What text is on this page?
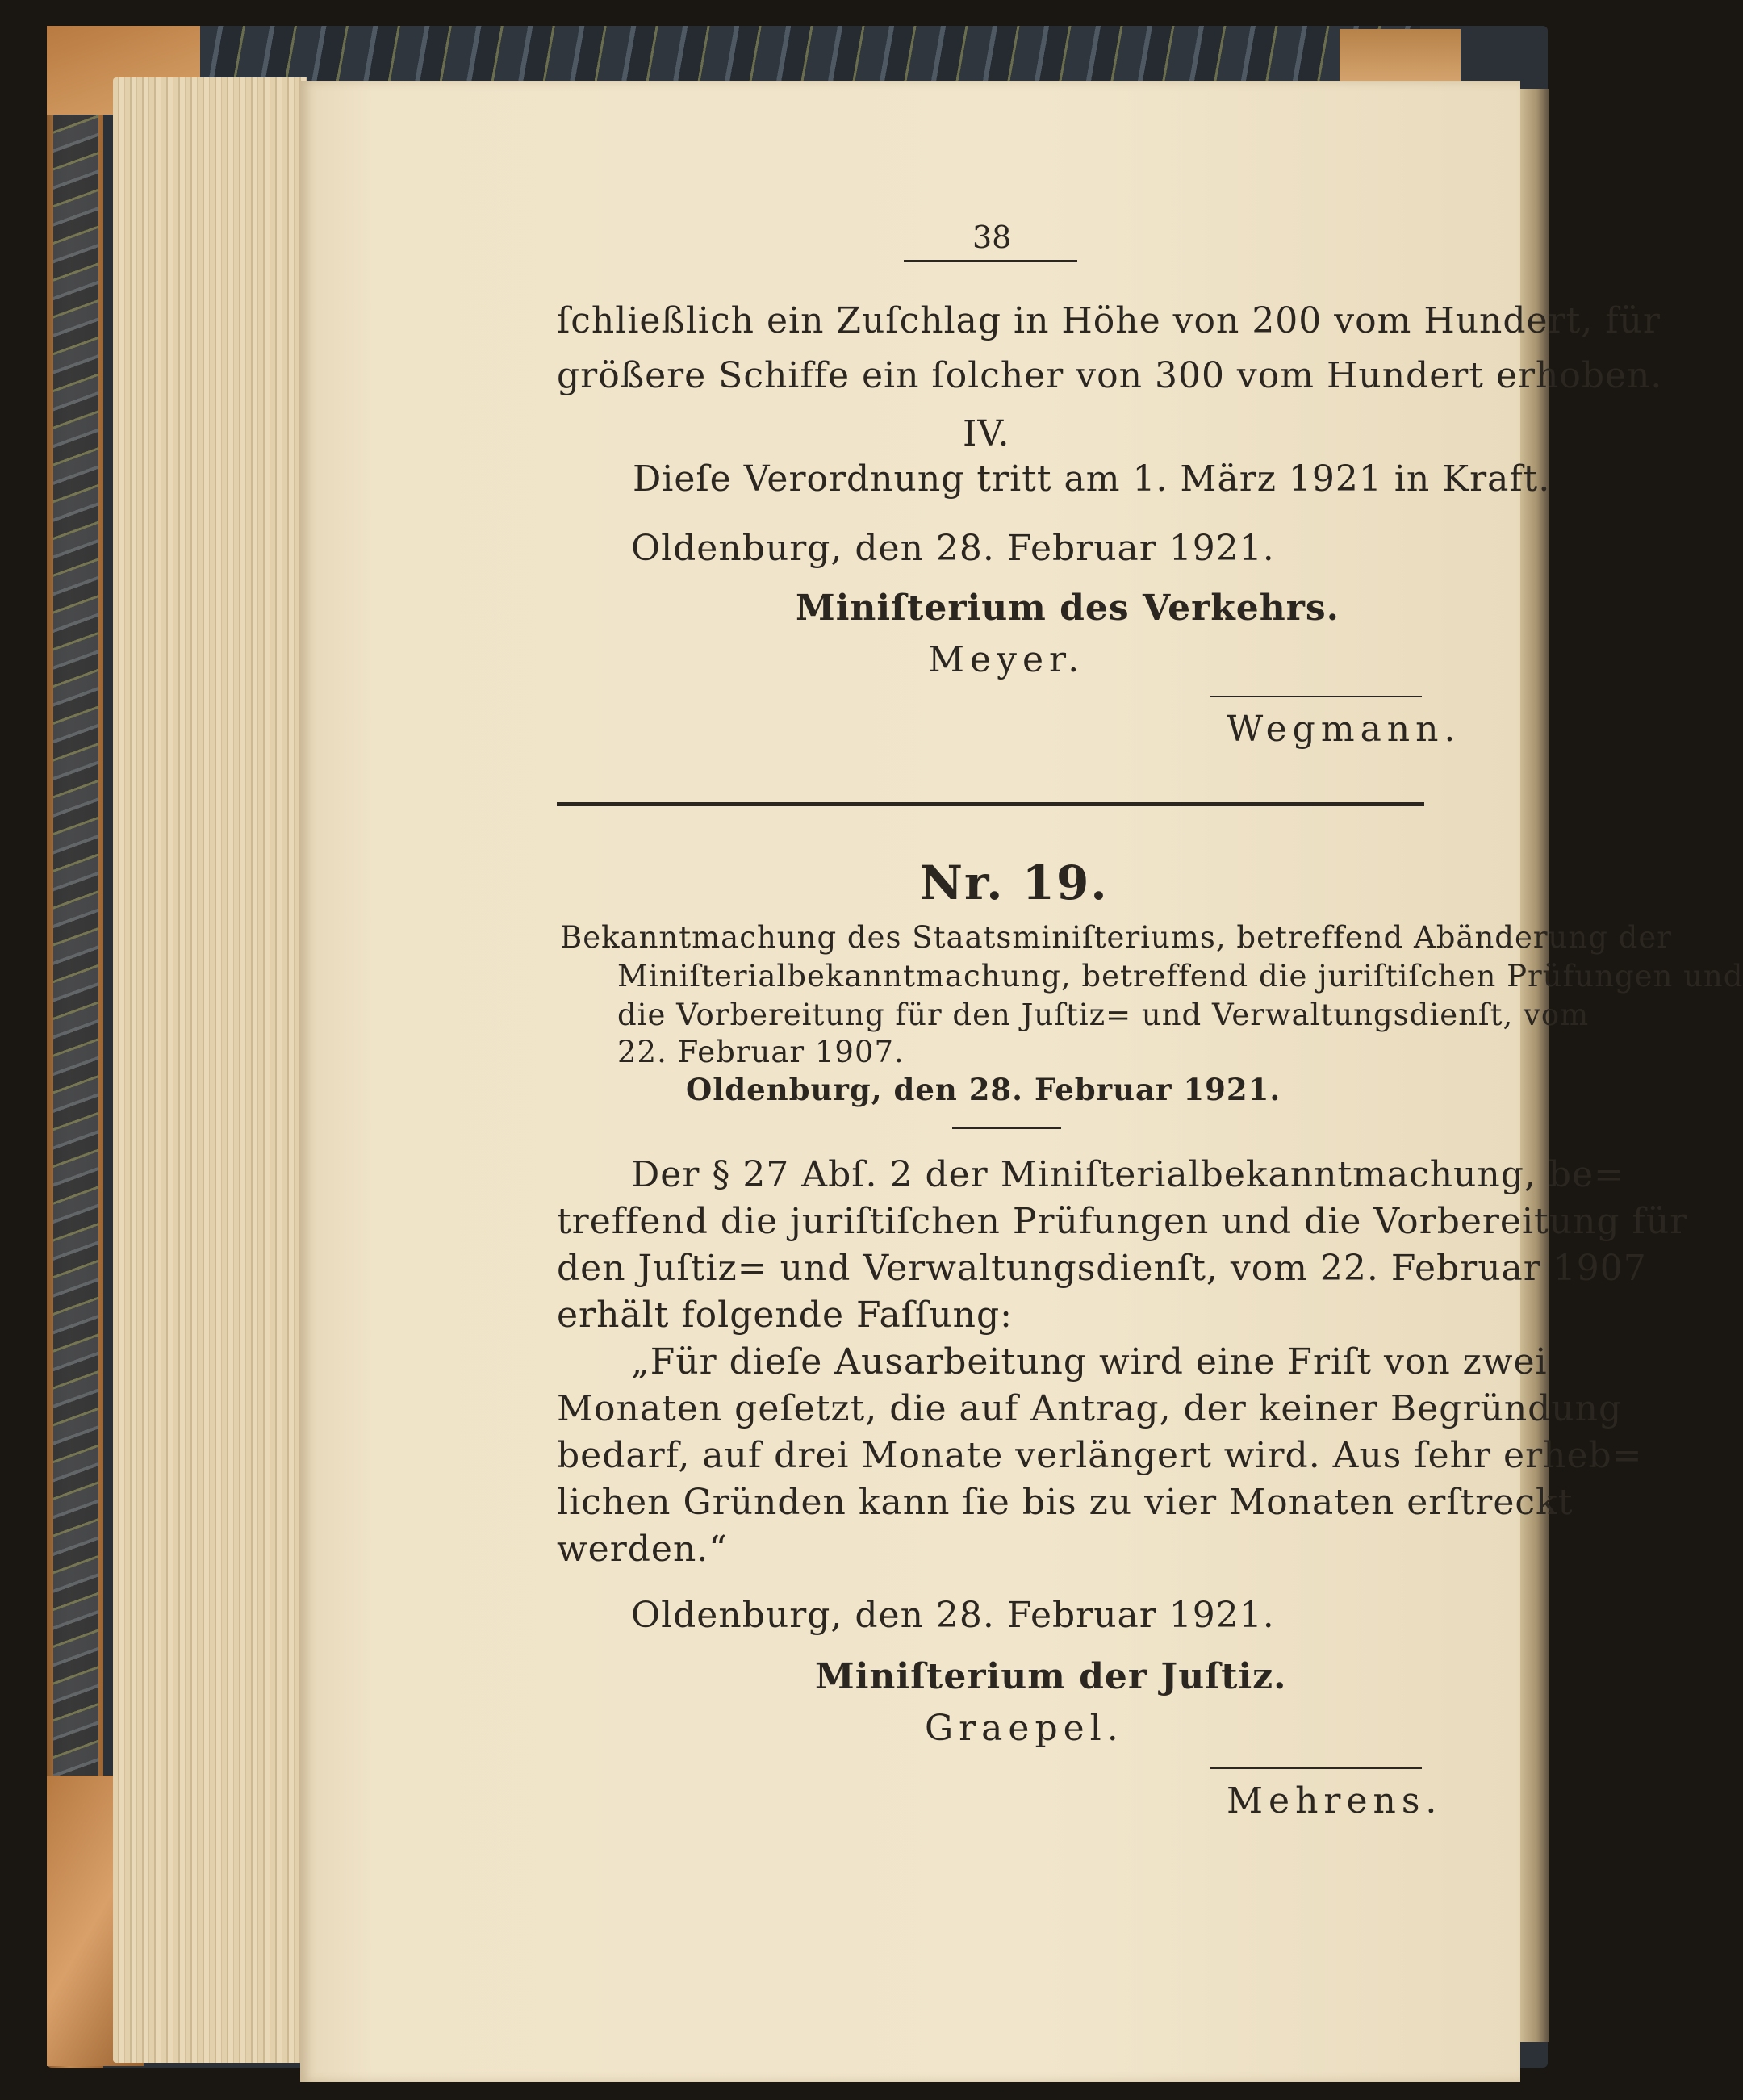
38
ſchließlich ein Zuſchlag in Höhe von 200 vom Hundert, für
größere Schiffe ein ſolcher von 300 vom Hundert erhoben.
IV.
Dieſe Verordnung tritt am 1. März 1921 in Kraft.
Oldenburg, den 28. Februar 1921.
Miniſterium des Verkehrs.
Meyer.
Wegmann.
Nr. 19.
Bekanntmachung des Staatsminiſteriums, betreffend Abänderung der
Miniſterialbekanntmachung, betreffend die juriſtiſchen Prüfungen und
die Vorbereitung für den Juſtiz= und Verwaltungsdienſt, vom
22. Februar 1907.
Oldenburg, den 28. Februar 1921.
Der § 27 Abſ. 2 der Miniſterialbekanntmachung, be=
treffend die juriſtiſchen Prüfungen und die Vorbereitung für
den Juſtiz= und Verwaltungsdienſt, vom 22. Februar 1907
erhält folgende Faſſung:
„Für dieſe Ausarbeitung wird eine Friſt von zwei
Monaten geſetzt, die auf Antrag, der keiner Begründung
bedarf, auf drei Monate verlängert wird. Aus ſehr erheb=
lichen Gründen kann ſie bis zu vier Monaten erſtreckt
werden.“
Oldenburg, den 28. Februar 1921.
Miniſterium der Juſtiz.
Graepel.
Mehrens.
